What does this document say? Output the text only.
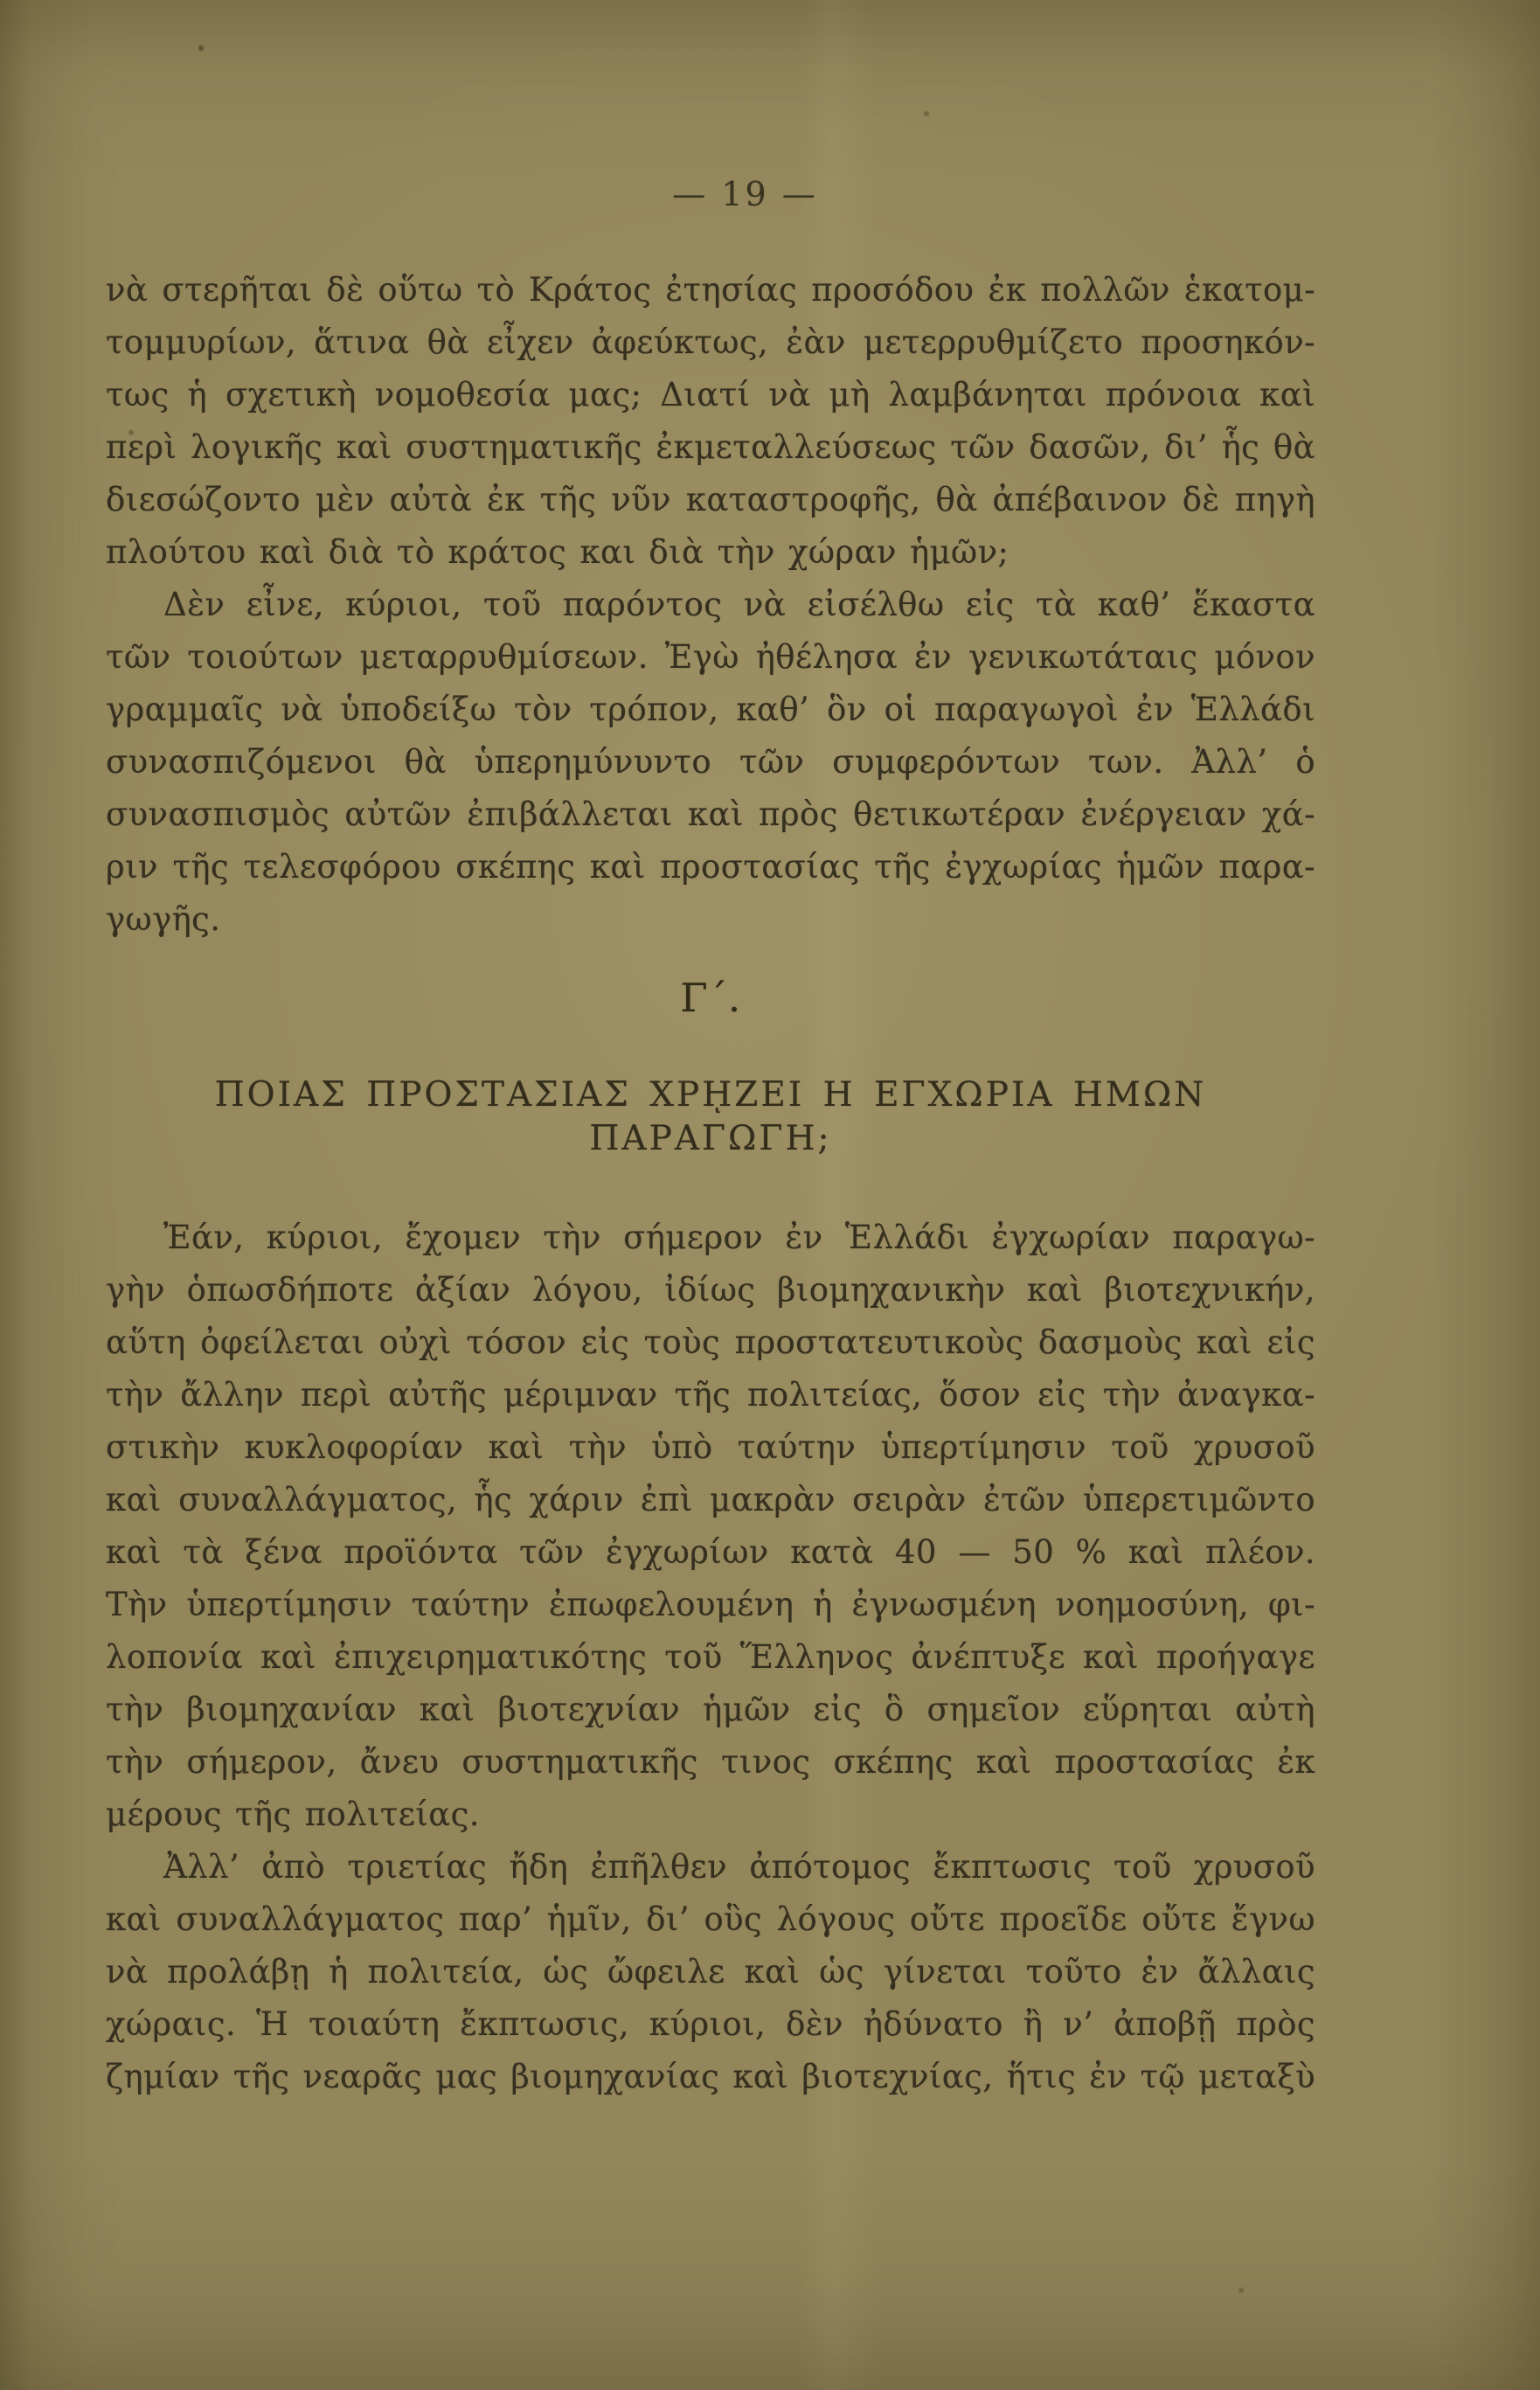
— 19 —
νὰ στερῆται δὲ οὕτω τὸ Κράτος ἐτησίας προσόδου ἐκ πολλῶν ἑκατομ-
τομμυρίων, ἅτινα θὰ εἶχεν ἀφεύκτως, ἐὰν μετερρυθμίζετο προσηκόν-
τως ἡ σχετικὴ νομοθεσία μας; Διατί νὰ μὴ λαμβάνηται πρόνοια καὶ
περὶ λογικῆς καὶ συστηματικῆς ἐκμεταλλεύσεως τῶν δασῶν, δι’ ἧς θὰ
διεσώζοντο μὲν αὐτὰ ἐκ τῆς νῦν καταστροφῆς, θὰ ἀπέβαινον δὲ πηγὴ
πλούτου καὶ διὰ τὸ κράτος και διὰ τὴν χώραν ἡμῶν;
Δὲν εἶνε, κύριοι, τοῦ παρόντος νὰ εἰσέλθω εἰς τὰ καθ’ ἕκαστα
τῶν τοιούτων μεταρρυθμίσεων. Ἐγὼ ἠθέλησα ἐν γενικωτάταις μόνον
γραμμαῖς νὰ ὑποδείξω τὸν τρόπον, καθ’ ὃν οἱ παραγωγοὶ ἐν Ἑλλάδι
συνασπιζόμενοι θὰ ὑπερημύνυντο τῶν συμφερόντων των. Ἀλλ’ ὁ
συνασπισμὸς αὐτῶν ἐπιβάλλεται καὶ πρὸς θετικωτέραν ἐνέργειαν χά-
ριν τῆς τελεσφόρου σκέπης καὶ προστασίας τῆς ἐγχωρίας ἡμῶν παρα-
γωγῆς.
Γ΄.
ΠΟΙΑΣ ΠΡΟΣΤΑΣΙΑΣ ΧΡῌΖΕΙ Η ΕΓΧΩΡΙΑ ΗΜΩΝ ΠΑΡΑΓΩΓΗ;
Ἐάν, κύριοι, ἔχομεν τὴν σήμερον ἐν Ἑλλάδι ἐγχωρίαν παραγω-
γὴν ὁπωσδήποτε ἀξίαν λόγου, ἰδίως βιομηχανικὴν καὶ βιοτεχνικήν,
αὕτη ὀφείλεται οὐχὶ τόσον εἰς τοὺς προστατευτικοὺς δασμοὺς καὶ εἰς
τὴν ἄλλην περὶ αὐτῆς μέριμναν τῆς πολιτείας, ὅσον εἰς τὴν ἀναγκα-
στικὴν κυκλοφορίαν καὶ τὴν ὑπὸ ταύτην ὑπερτίμησιν τοῦ χρυσοῦ
καὶ συναλλάγματος, ἧς χάριν ἐπὶ μακρὰν σειρὰν ἐτῶν ὑπερετιμῶντο
καὶ τὰ ξένα προϊόντα τῶν ἐγχωρίων κατὰ 40 — 50 % καὶ πλέον.
Τὴν ὑπερτίμησιν ταύτην ἐπωφελουμένη ἡ ἐγνωσμένη νοημοσύνη, φι-
λοπονία καὶ ἐπιχειρηματικότης τοῦ Ἕλληνος ἀνέπτυξε καὶ προήγαγε
τὴν βιομηχανίαν καὶ βιοτεχνίαν ἡμῶν εἰς ὃ σημεῖον εὕρηται αὐτὴ
τὴν σήμερον, ἄνευ συστηματικῆς τινος σκέπης καὶ προστασίας ἐκ
μέρους τῆς πολιτείας.
Ἀλλ’ ἀπὸ τριετίας ἤδη ἐπῆλθεν ἀπότομος ἔκπτωσις τοῦ χρυσοῦ
καὶ συναλλάγματος παρ’ ἡμῖν, δι’ οὓς λόγους οὔτε προεῖδε οὔτε ἔγνω
νὰ προλάβῃ ἡ πολιτεία, ὡς ὤφειλε καὶ ὡς γίνεται τοῦτο ἐν ἄλλαις
χώραις. Ἡ τοιαύτη ἔκπτωσις, κύριοι, δὲν ἠδύνατο ἢ ν’ ἀποβῇ πρὸς
ζημίαν τῆς νεαρᾶς μας βιομηχανίας καὶ βιοτεχνίας, ἥτις ἐν τῷ μεταξὺ
